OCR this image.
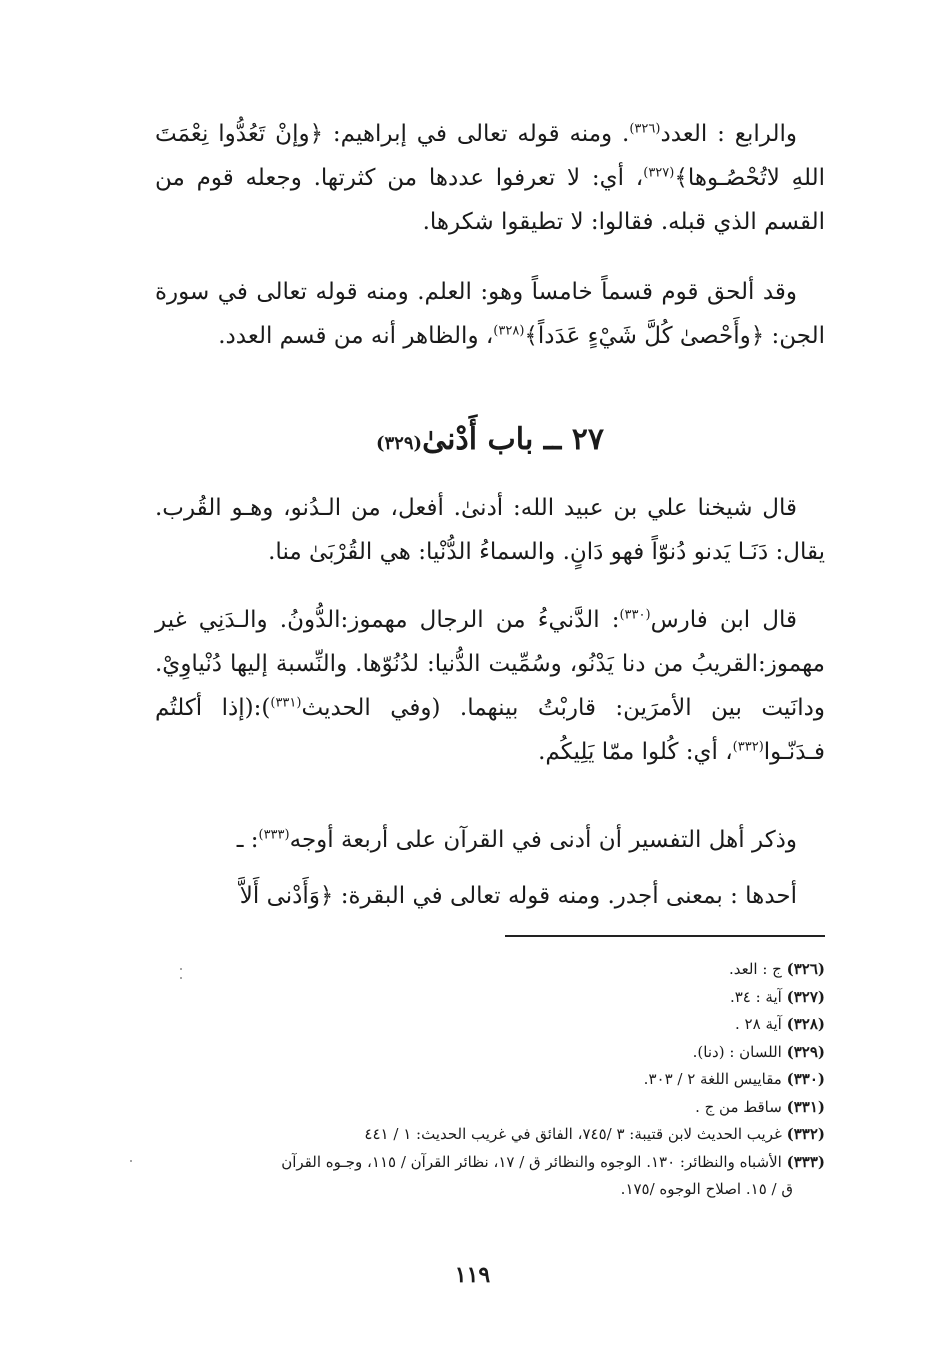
والرابع : العدد$^{(٣٢٦)}$. ومنه قوله تعالى في إبراهيم: ﴿وإنْ تَعُدُّوا نِعْمَتَ اللهِ لاتُحْصُـوها﴾$^{(٣٢٧)}$، أي: لا تعرفوا عددها من كثرتها. وجعله قوم من القسم الذي قبله. فقالوا: لا تطيقوا شكرها.

وقد ألحق قوم قسماً خامساً وهو: العلم. ومنه قوله تعالى في سورة الجن: ﴿وأَحْصىٰ كُلَّ شَيْءٍ عَدَداً﴾$^{(٣٢٨)}$، والظاهر أنه من قسم العدد.

٢٧ ــ باب أَدْنىٰ(٣٢٩)

قال شيخنا علي بن عبيد الله: أدنىٰ. أفعل، من الـدُنو، وهـو القُرب. يقال: دَنَـا يَدنو دُنوّاً فهو دَانٍ. والسماءُ الدُّنْيا: هي القُرْبَىٰ منا.

قال ابن فارس$^{(٣٣٠)}$: الدَّنيءُ من الرجال مهموز:الدُّونُ. والـدَنِي غير مهموز:القريبُ من دنا يَدْنُو، وسُمِّيت الدُّنيا: لدُنُوّها. والنِّسبة إليها دُنْياوِيْ. ودانَيت بين الأمرَين: قاربْتُ بينهما. (وفي الحديث$^{(٣٣١)}$):(إذا أكلتُم فـدَنّـوا$^{(٣٣٢)}$، أي: كُلوا ممّا يَلِيكُم.

وذكر أهل التفسير أن أدنى في القرآن على أربعة أوجه$^{(٣٣٣)}$: ـ

أحدها : بمعنى أجدر. ومنه قوله تعالى في البقرة: ﴿وَأَدْنى أَلاَّ

(٣٢٦) ج : العد.
(٣٢٧) آية : ٣٤.
(٣٢٨) آية ٢٨ .
(٣٢٩) اللسان : (دنا).
(٣٣٠) مقاييس اللغة ٢ / ٣٠٣.
(٣٣١) ساقط من ج .
(٣٣٢) غريب الحديث لابن قتيبة: ٣ /٧٤٥، الفائق في غريب الحديث: ١ / ٤٤١
(٣٣٣) الأشباه والنظائر: ١٣٠. الوجوه والنظائر ق / ١٧، نظائر القرآن / ١١٥، وجـوه القرآن
ق / ١٥. اصلاح الوجوه /١٧٥.
١١٩
